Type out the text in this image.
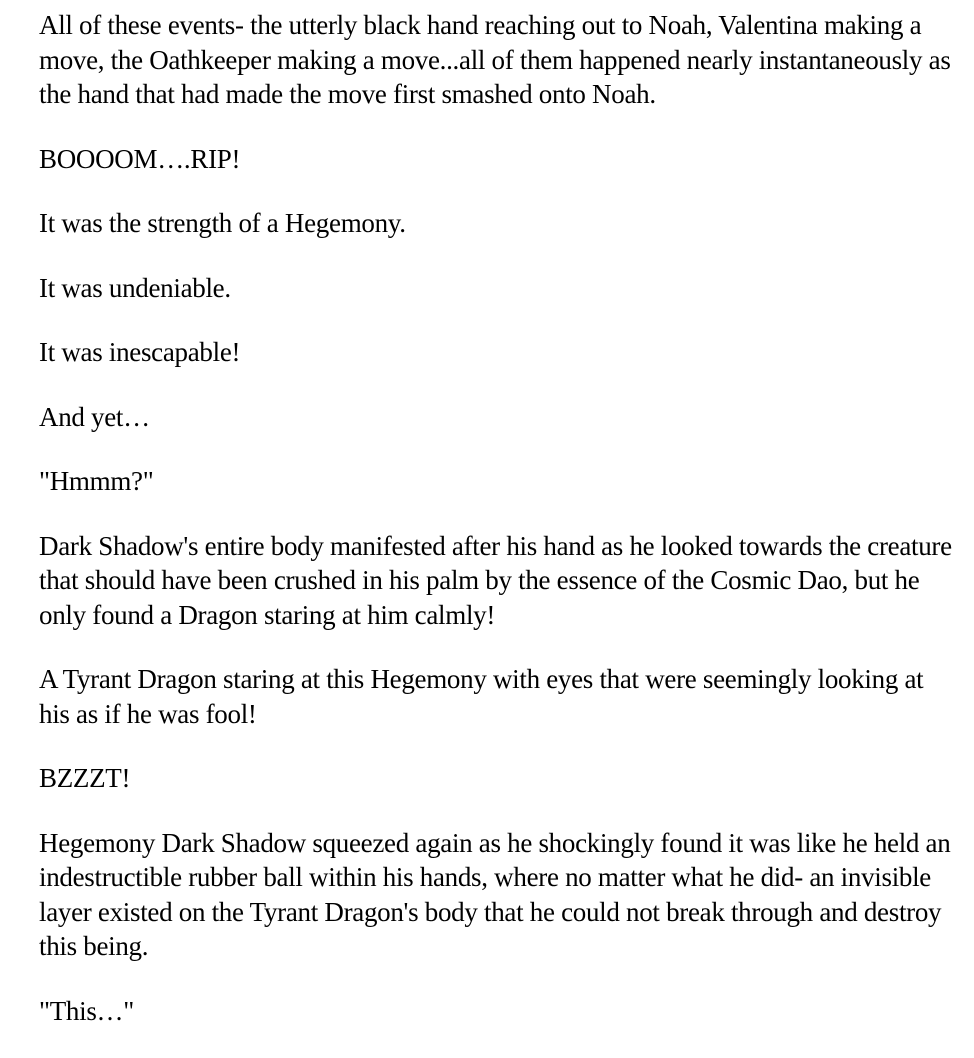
All of these events- the utterly black hand reaching out to Noah, Valentina making a move, the Oathkeeper making a move...all of them happened nearly instantaneously as the hand that had made the move first smashed onto Noah.

BOOOOM….RIP!

It was the strength of a Hegemony.

It was undeniable.

It was inescapable!

And yet…

"Hmmm?"

Dark Shadow's entire body manifested after his hand as he looked towards the creature that should have been crushed in his palm by the essence of the Cosmic Dao, but he only found a Dragon staring at him calmly!

A Tyrant Dragon staring at this Hegemony with eyes that were seemingly looking at his as if he was fool!

BZZZT!

Hegemony Dark Shadow squeezed again as he shockingly found it was like he held an indestructible rubber ball within his hands, where no matter what he did- an invisible layer existed on the Tyrant Dragon's body that he could not break through and destroy this being.

"This…"
